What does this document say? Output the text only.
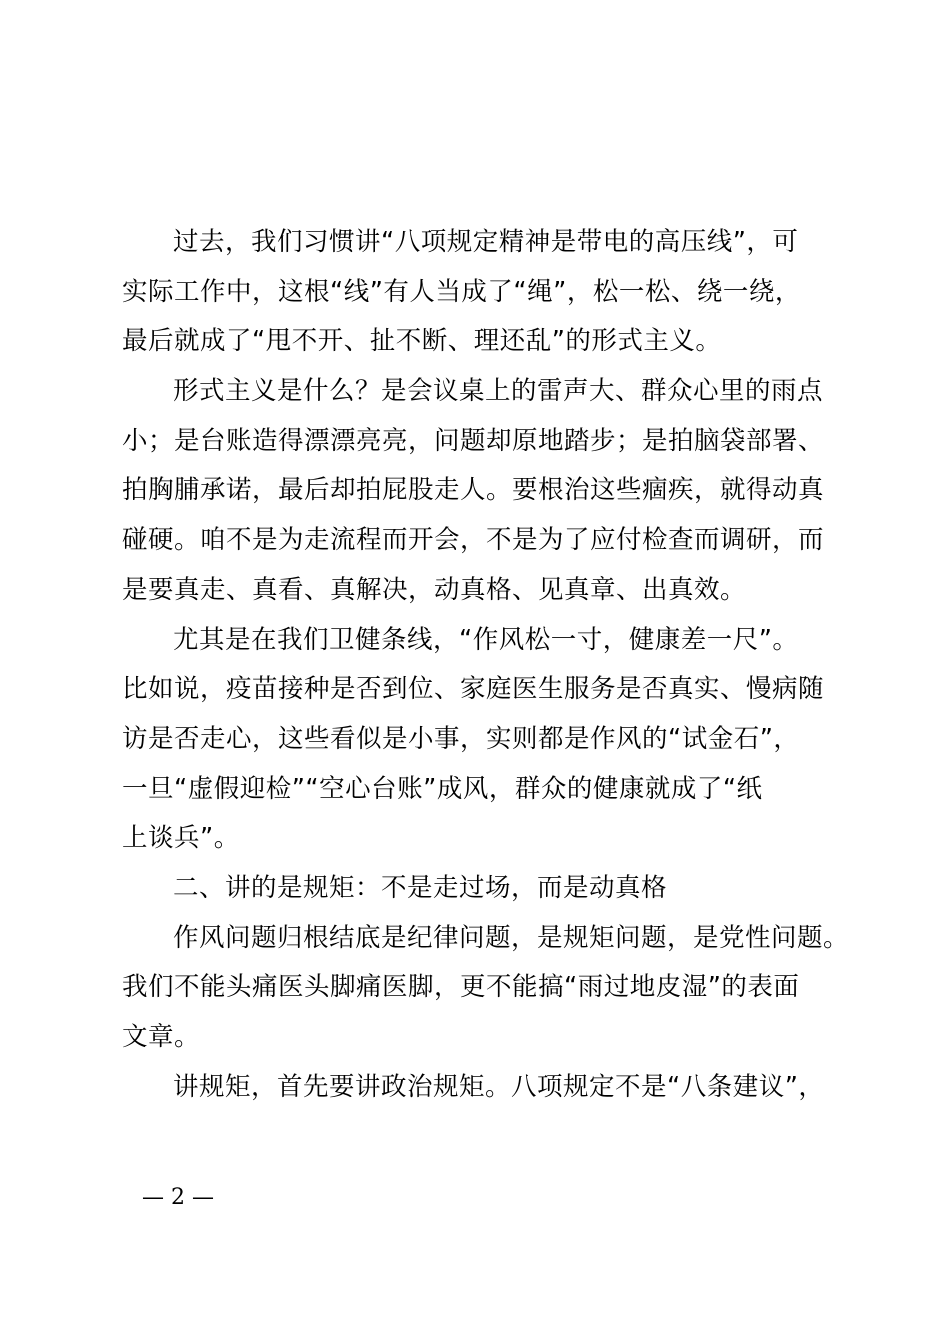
过去，我们习惯讲“八项规定精神是带电的高压线”，可
实际工作中，这根“线”有人当成了“绳”，松一松、绕一绕，
最后就成了“甩不开、扯不断、理还乱”的形式主义。
形式主义是什么？是会议桌上的雷声大、群众心里的雨点
小；是台账造得漂漂亮亮，问题却原地踏步；是拍脑袋部署、
拍胸脯承诺，最后却拍屁股走人。要根治这些痼疾，就得动真
碰硬。咱不是为走流程而开会，不是为了应付检查而调研，而
是要真走、真看、真解决，动真格、见真章、出真效。
尤其是在我们卫健条线，“作风松一寸，健康差一尺”。
比如说，疫苗接种是否到位、家庭医生服务是否真实、慢病随
访是否走心，这些看似是小事，实则都是作风的“试金石”，
一旦“虚假迎检”“空心台账”成风，群众的健康就成了“纸
上谈兵”。
二、讲的是规矩：不是走过场，而是动真格
作风问题归根结底是纪律问题，是规矩问题，是党性问题。
我们不能头痛医头脚痛医脚，更不能搞“雨过地皮湿”的表面
文章。
讲规矩，首先要讲政治规矩。八项规定不是“八条建议”，
— 2 —
